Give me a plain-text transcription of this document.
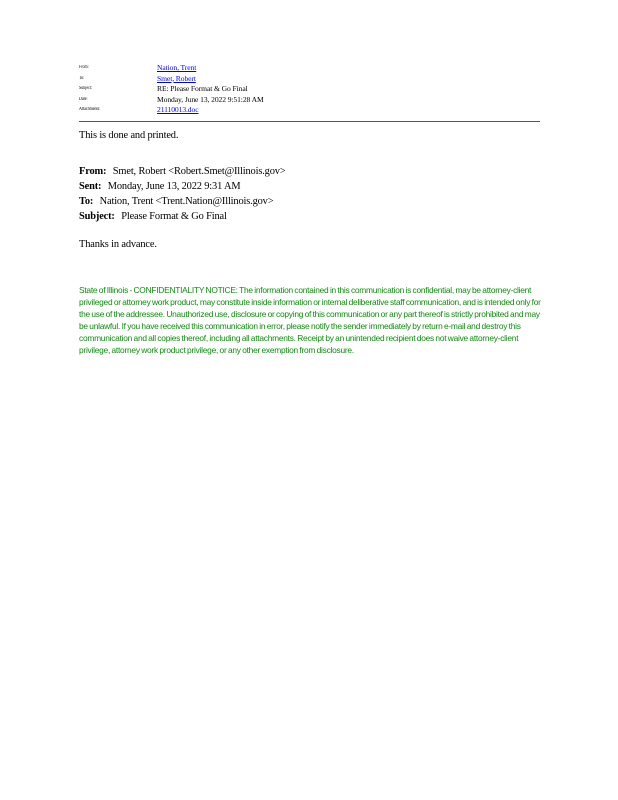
From:	Nation, Trent
To:	Smet, Robert
Subject:	RE: Please Format & Go Final
Date:	Monday, June 13, 2022 9:51:28 AM
Attachments:	21110013.doc
This is done and printed.
From: Smet, Robert <Robert.Smet@Illinois.gov>
Sent: Monday, June 13, 2022 9:31 AM
To: Nation, Trent <Trent.Nation@Illinois.gov>
Subject: Please Format & Go Final
Thanks in advance.
State of Illinois - CONFIDENTIALITY NOTICE: The information contained in this communication is confidential, may be attorney-client privileged or attorney work product, may constitute inside information or internal deliberative staff communication, and is intended only for the use of the addressee. Unauthorized use, disclosure or copying of this communication or any part thereof is strictly prohibited and may be unlawful. If you have received this communication in error, please notify the sender immediately by return e-mail and destroy this communication and all copies thereof, including all attachments. Receipt by an unintended recipient does not waive attorney-client privilege, attorney work product privilege, or any other exemption from disclosure.
